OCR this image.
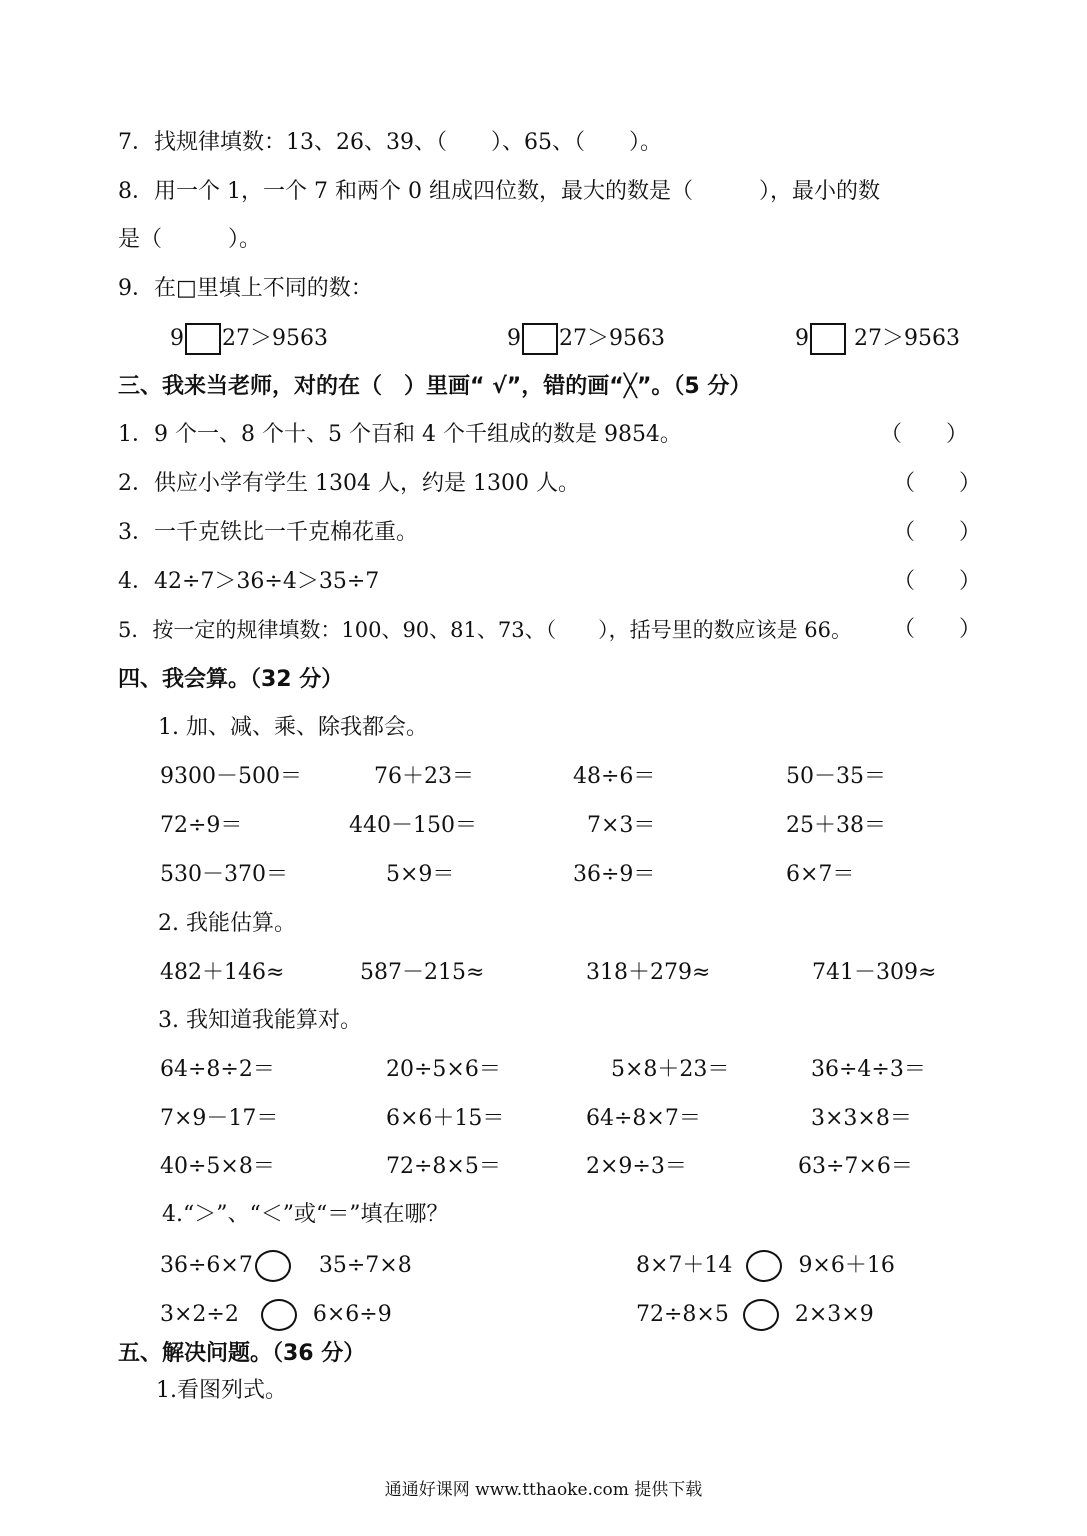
7．找规律填数：13、26、39、（　　）、65、（　　）。
8．用一个 1，一个 7 和两个 0 组成四位数，最大的数是（　　　），最小的数
是（　　　）。
9．在□里填上不同的数：
9 27＞9563	9 27＞9563	9 27＞9563
三、我来当老师，对的在（　）里画“ √”，错的画“╳”。（5 分）
1．9 个一、8 个十、5 个百和 4 个千组成的数是 9854。	（　　）
2．供应小学有学生 1304 人，约是 1300 人。	（　　）
3．一千克铁比一千克棉花重。	（　　）
4．42÷7＞36÷4＞35÷7	（　　）
5．按一定的规律填数：100、90、81、73、（　　），括号里的数应该是 66。 （　　）
四、我会算。（32 分）
1. 加、减、乘、除我都会。
9300－500＝	76＋23＝	48÷6＝	50－35＝
72÷9＝	440－150＝	7×3＝	25＋38＝
530－370＝	5×9＝	36÷9＝	6×7＝
2. 我能估算。
482＋146≈	587－215≈	318＋279≈	741－309≈
3. 我知道我能算对。
64÷8÷2＝	20÷5×6＝	5×8＋23＝	36÷4÷3＝
7×9－17＝	6×6＋15＝	64÷8×7＝	3×3×8＝
40÷5×8＝	72÷8×5＝	2×9÷3＝	63÷7×6＝
4.“＞”、“＜”或“＝”填在哪？
36÷6×7	35÷7×8	8×7＋14	9×6＋16
3×2÷2	6×6÷9	72÷8×5	2×3×9
五、解决问题。（36 分）
1.看图列式。
通通好课网 www.tthaoke.com 提供下载
